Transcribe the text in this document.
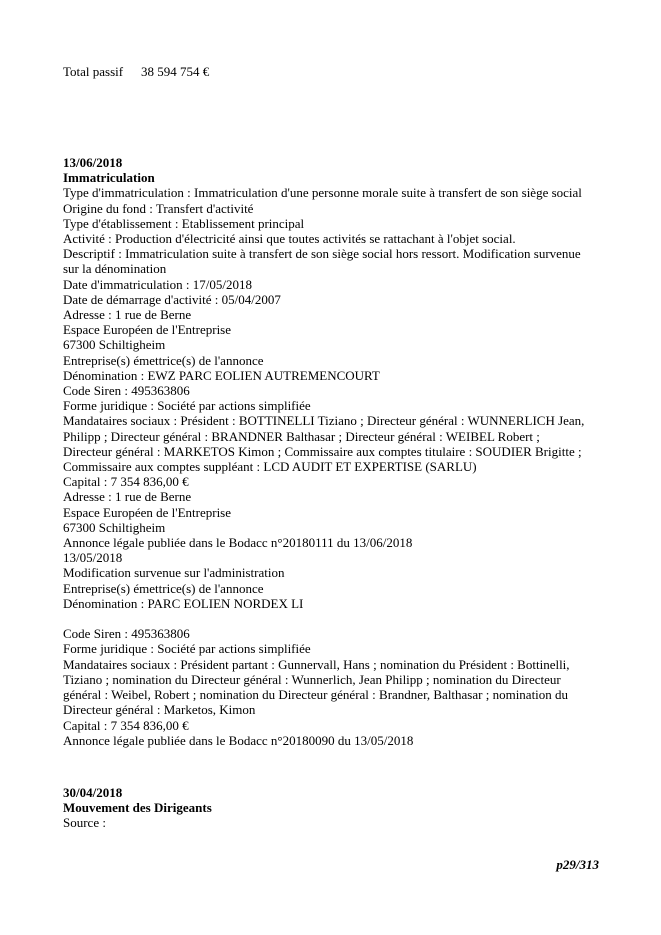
Total passif 38 594 754 €
13/06/2018
Immatriculation
Type d'immatriculation : Immatriculation d'une personne morale suite à transfert de son siège social
Origine du fond : Transfert d'activité
Type d'établissement : Etablissement principal
Activité : Production d'électricité ainsi que toutes activités se rattachant à l'objet social.
Descriptif : Immatriculation suite à transfert de son siège social hors ressort. Modification survenue
sur la dénomination
Date d'immatriculation : 17/05/2018
Date de démarrage d'activité : 05/04/2007
Adresse : 1 rue de Berne
Espace Européen de l'Entreprise
67300 Schiltigheim
Entreprise(s) émettrice(s) de l'annonce
Dénomination : EWZ PARC EOLIEN AUTREMENCOURT
Code Siren : 495363806
Forme juridique : Société par actions simplifiée
Mandataires sociaux : Président : BOTTINELLI Tiziano ; Directeur général : WUNNERLICH Jean,
Philipp ; Directeur général : BRANDNER Balthasar ; Directeur général : WEIBEL Robert ;
Directeur général : MARKETOS Kimon ; Commissaire aux comptes titulaire : SOUDIER Brigitte ;
Commissaire aux comptes suppléant : LCD AUDIT ET EXPERTISE (SARLU)
Capital : 7 354 836,00 €
Adresse : 1 rue de Berne
Espace Européen de l'Entreprise
67300 Schiltigheim
Annonce légale publiée dans le Bodacc n°20180111 du 13/06/2018
13/05/2018
Modification survenue sur l'administration
Entreprise(s) émettrice(s) de l'annonce
Dénomination : PARC EOLIEN NORDEX LI
Code Siren : 495363806
Forme juridique : Société par actions simplifiée
Mandataires sociaux : Président partant : Gunnervall, Hans ; nomination du Président : Bottinelli,
Tiziano ; nomination du Directeur général : Wunnerlich, Jean Philipp ; nomination du Directeur
général : Weibel, Robert ; nomination du Directeur général : Brandner, Balthasar ; nomination du
Directeur général : Marketos, Kimon
Capital : 7 354 836,00 €
Annonce légale publiée dans le Bodacc n°20180090 du 13/05/2018
30/04/2018
Mouvement des Dirigeants
Source :
p29/313
